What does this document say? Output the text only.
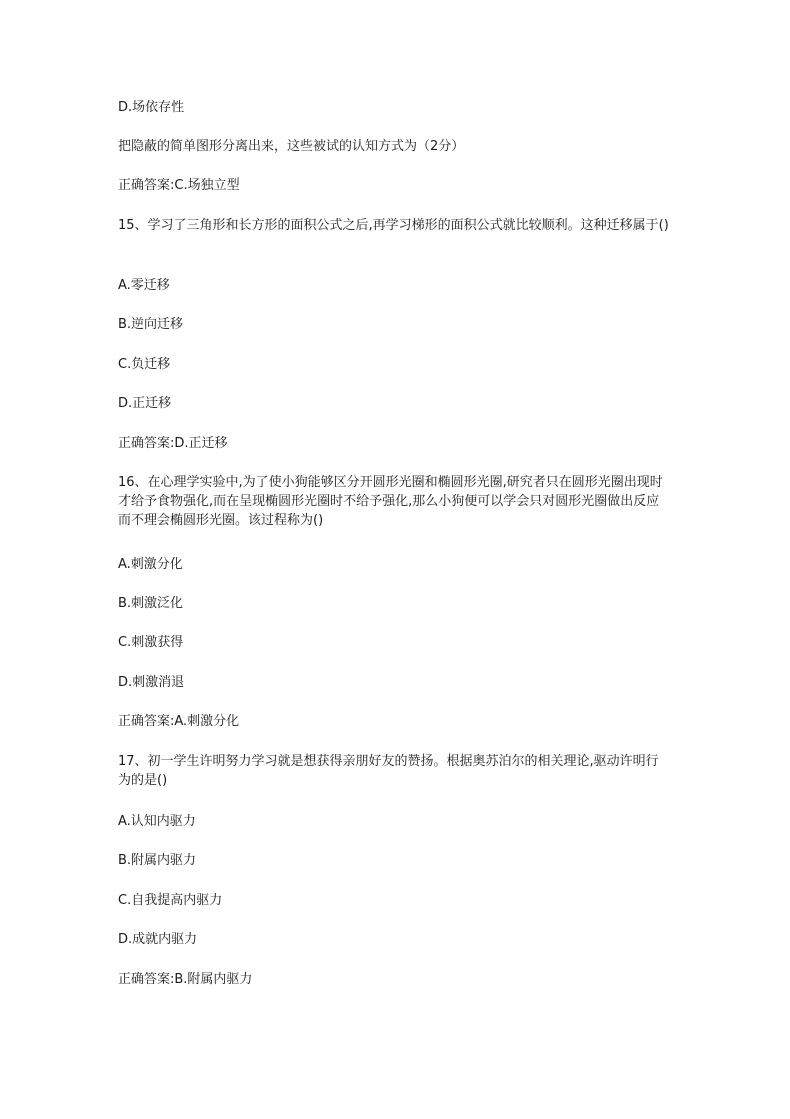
D.场依存性
把隐蔽的简单图形分离出来，这些被试的认知方式为（2分）
正确答案:C.场独立型
15、学习了三角形和长方形的面积公式之后,再学习梯形的面积公式就比较顺利。这种迁移属于()
A.零迁移
B.逆向迁移
C.负迁移
D.正迁移
正确答案:D.正迁移
16、在心理学实验中,为了使小狗能够区分开圆形光圈和椭圆形光圈,研究者只在圆形光圈出现时才给予食物强化,而在呈现椭圆形光圈时不给予强化,那么小狗便可以学会只对圆形光圈做出反应而不理会椭圆形光圈。该过程称为()
A.刺激分化
B.刺激泛化
C.刺激获得
D.刺激消退
正确答案:A.刺激分化
17、初一学生许明努力学习就是想获得亲朋好友的赞扬。根据奥苏泊尔的相关理论,驱动许明行为的是()
A.认知内驱力
B.附属内驱力
C.自我提高内驱力
D.成就内驱力
正确答案:B.附属内驱力
